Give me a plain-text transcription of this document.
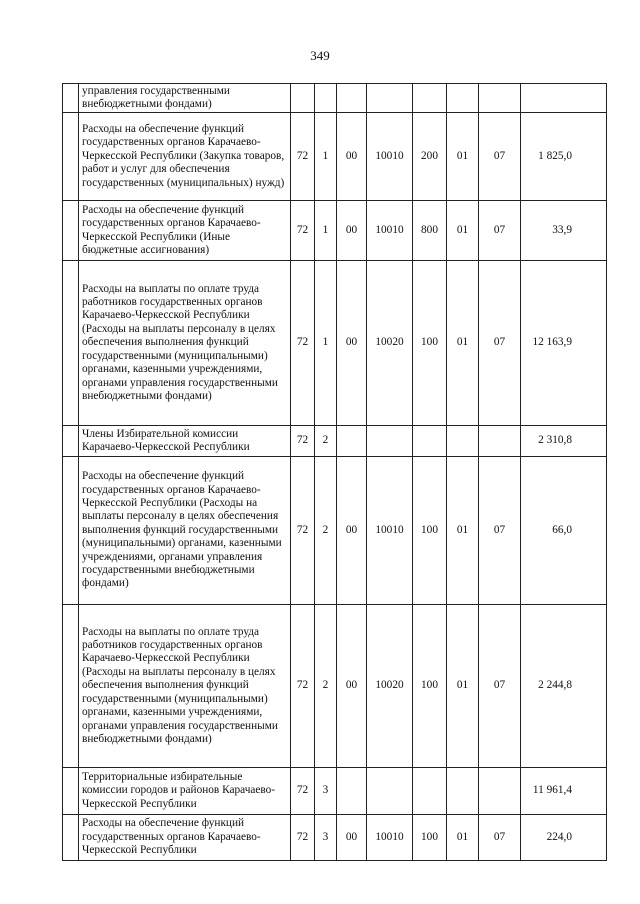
349
	управления государственными внебюджетными фондами)								
	Расходы на обеспечение функций государственных органов Карачаево-Черкесской Республики (Закупка товаров, работ и услуг для обеспечения государственных (муниципальных) нужд)	72	1	00	10010	200	01	07	1 825,0
	Расходы на обеспечение функций государственных органов Карачаево-Черкесской Республики (Иные бюджетные ассигнования)	72	1	00	10010	800	01	07	33,9
	Расходы на выплаты по оплате труда работников государственных органов Карачаево-Черкесской Республики (Расходы на выплаты персоналу в целях обеспечения выполнения функций государственными (муниципальными) органами, казенными учреждениями, органами управления государственными внебюджетными фондами)	72	1	00	10020	100	01	07	12 163,9
	Члены Избирательной комиссии Карачаево-Черкесской Республики	72	2						2 310,8
	Расходы на обеспечение функций государственных органов Карачаево-Черкесской Республики (Расходы на выплаты персоналу в целях обеспечения выполнения функций государственными (муниципальными) органами, казенными учреждениями, органами управления государственными внебюджетными фондами)	72	2	00	10010	100	01	07	66,0
	Расходы на выплаты по оплате труда работников государственных органов Карачаево-Черкесской Республики (Расходы на выплаты персоналу в целях обеспечения выполнения функций государственными (муниципальными) органами, казенными учреждениями, органами управления государственными внебюджетными фондами)	72	2	00	10020	100	01	07	2 244,8
	Территориальные избирательные комиссии городов и районов Карачаево-Черкесской Республики	72	3						11 961,4
	Расходы на обеспечение функций государственных органов Карачаево-Черкесской Республики	72	3	00	10010	100	01	07	224,0
